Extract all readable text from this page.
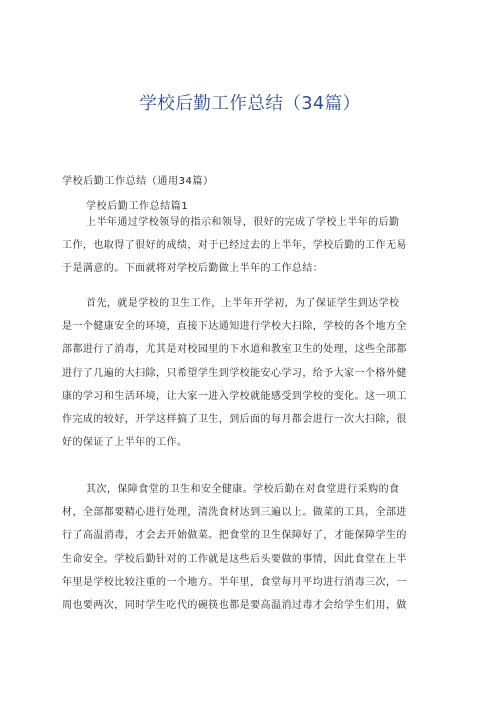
学校后勤工作总结（34篇）
学校后勤工作总结（通用34篇）
学校后勤工作总结篇1
上半年通过学校领导的指示和领导，很好的完成了学校上半年的后勤
工作，也取得了很好的成绩，对于已经过去的上半年，学校后勤的工作无易
于是满意的。下面就将对学校后勤做上半年的工作总结：
首先，就是学校的卫生工作，上半年开学初，为了保证学生到达学校
是一个健康安全的环境，直接下达通知进行学校大扫除，学校的各个地方全
部都进行了消毒，尤其是对校园里的下水道和教室卫生的处理，这些全部都
进行了几遍的大扫除，只希望学生到学校能安心学习，给予大家一个格外健
康的学习和生活环境，让大家一进入学校就能感受到学校的变化。这一项工
作完成的较好，开学这样搞了卫生，到后面的每月都会进行一次大扫除，很
好的保证了上半年的工作。
其次，保障食堂的卫生和安全健康。学校后勤在对食堂进行采购的食
材，全部都要精心进行处理，清洗食材达到三遍以上。做菜的工具，全部进
行了高温消毒，才会去开始做菜。把食堂的卫生保障好了，才能保障学生的
生命安全。学校后勤针对的工作就是这些后头要做的事情，因此食堂在上半
年里是学校比较注重的一个地方。半年里，食堂每月平均进行消毒三次，一
周也要两次，同时学生吃代的碗筷也都是要高温消过毒才会给学生们用，做
